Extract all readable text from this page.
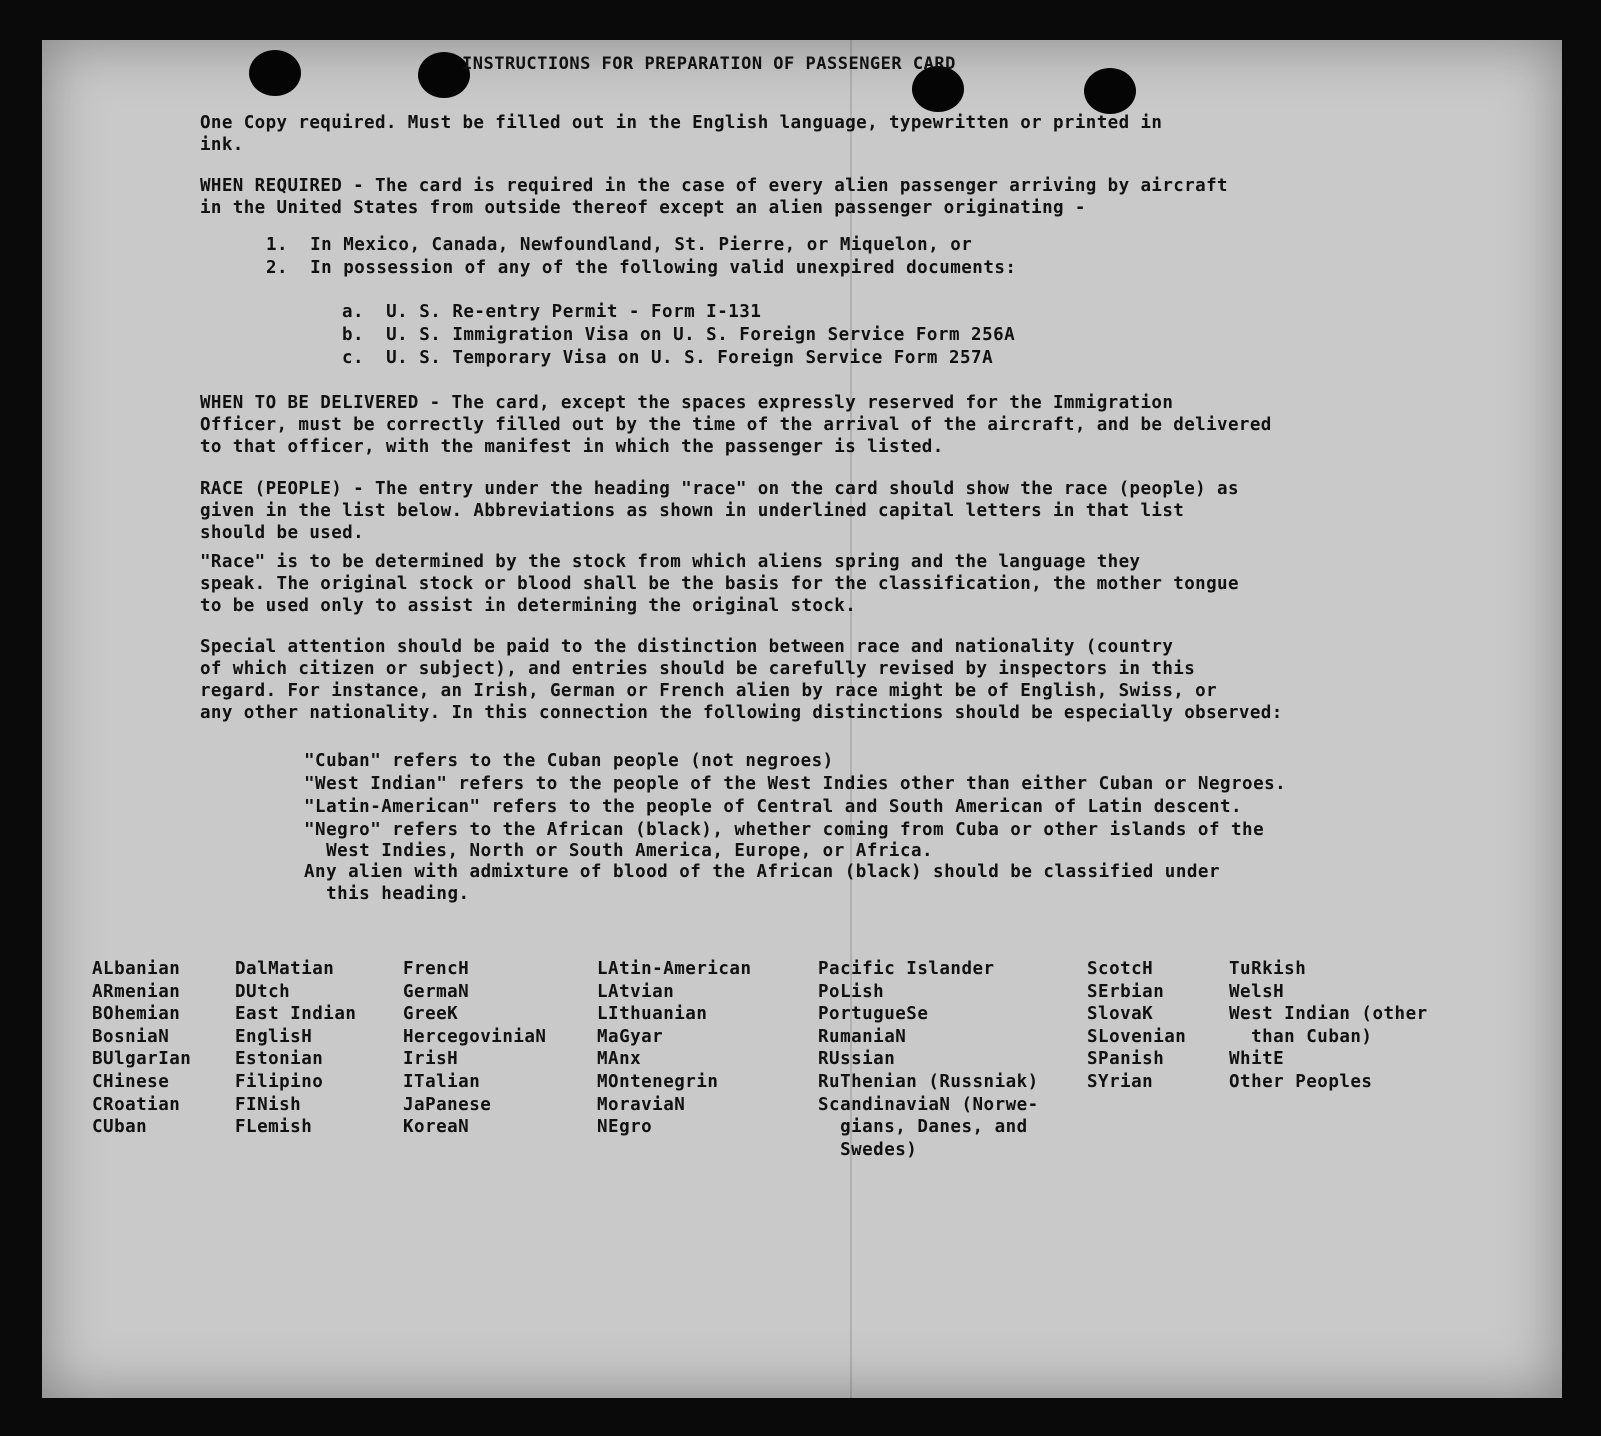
INSTRUCTIONS FOR PREPARATION OF PASSENGER CARD
One Copy required. Must be filled out in the English language, typewritten or printed in
ink.
WHEN REQUIRED - The card is required in the case of every alien passenger arriving by aircraft
in the United States from outside thereof except an alien passenger originating -
1.  In Mexico, Canada, Newfoundland, St. Pierre, or Miquelon, or
2.  In possession of any of the following valid unexpired documents:
a.  U. S. Re-entry Permit - Form I-131
b.  U. S. Immigration Visa on U. S. Foreign Service Form 256A
c.  U. S. Temporary Visa on U. S. Foreign Service Form 257A
WHEN TO BE DELIVERED - The card, except the spaces expressly reserved for the Immigration
Officer, must be correctly filled out by the time of the arrival of the aircraft, and be delivered
to that officer, with the manifest in which the passenger is listed.
RACE (PEOPLE) - The entry under the heading "race" on the card should show the race (people) as
given in the list below. Abbreviations as shown in underlined capital letters in that list
should be used.
"Race" is to be determined by the stock from which aliens spring and the language they
speak. The original stock or blood shall be the basis for the classification, the mother tongue
to be used only to assist in determining the original stock.
Special attention should be paid to the distinction between race and nationality (country
of which citizen or subject), and entries should be carefully revised by inspectors in this
regard. For instance, an Irish, German or French alien by race might be of English, Swiss, or
any other nationality. In this connection the following distinctions should be especially observed:
"Cuban" refers to the Cuban people (not negroes)
"West Indian" refers to the people of the West Indies other than either Cuban or Negroes.
"Latin-American" refers to the people of Central and South American of Latin descent.
"Negro" refers to the African (black), whether coming from Cuba or other islands of the
West Indies, North or South America, Europe, or Africa.
Any alien with admixture of blood of the African (black) should be classified under
this heading.
ALbanian
ARmenian
BOhemian
BosniaN
BUlgarIan
CHinese
CRoatian
CUban
DalMatian
DUtch
East Indian
EnglisH
Estonian
Filipino
FINish
FLemish
FrencH
GermaN
GreeK
HercegoviniaN
IrisH
ITalian
JaPanese
KoreaN
LAtin-American
LAtvian
LIthuanian
MaGyar
MAnx
MOntenegrin
MoraviaN
NEgro
Pacific Islander
PoLish
PortugueSe
RumaniaN
RUssian
RuThenian (Russniak)
ScandinaviaN (Norwe-
gians, Danes, and
Swedes)
ScotcH
SErbian
SlovaK
SLovenian
SPanish
SYrian
TuRkish
WelsH
West Indian (other
than Cuban)
WhitE
Other Peoples
